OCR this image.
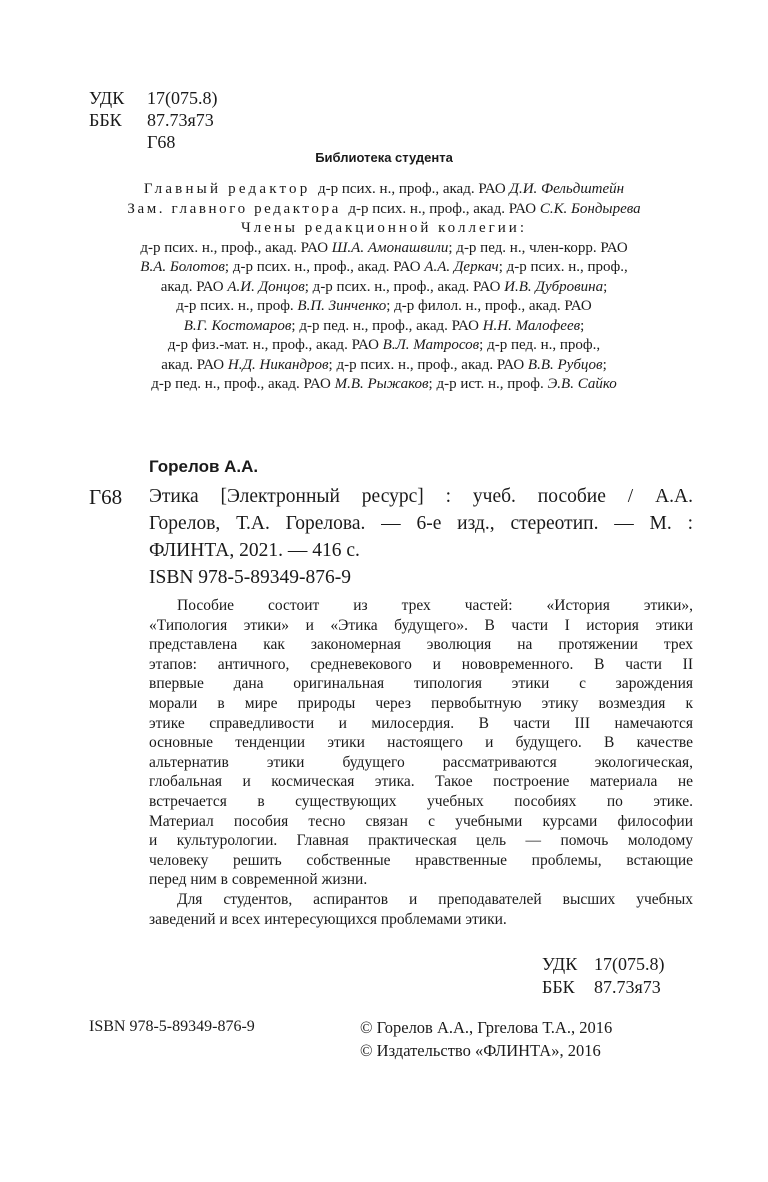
УДК 17(075.8)
ББК 87.73я73
Г68
Библиотека студента
Главный редактор д-р псих. н., проф., акад. РАО Д.И. Фельдштейн
Зам. главного редактора д-р псих. н., проф., акад. РАО С.К. Бондырева
Члены редакционной коллегии:
д-р псих. н., проф., акад. РАО Ш.А. Амонашвили; д-р пед. н., член-корр. РАО
В.А. Болотов; д-р псих. н., проф., акад. РАО А.А. Деркач; д-р псих. н., проф.,
акад. РАО А.И. Донцов; д-р псих. н., проф., акад. РАО И.В. Дубровина;
д-р псих. н., проф. В.П. Зинченко; д-р филол. н., проф., акад. РАО
В.Г. Костомаров; д-р пед. н., проф., акад. РАО Н.Н. Малофеев;
д-р физ.-мат. н., проф., акад. РАО В.Л. Матросов; д-р пед. н., проф.,
акад. РАО Н.Д. Никандров; д-р псих. н., проф., акад. РАО В.В. Рубцов;
д-р пед. н., проф., акад. РАО М.В. Рыжаков; д-р ист. н., проф. Э.В. Сайко
Горелов А.А.
Г68 Этика [Электронный ресурс] : учеб. пособие / А.А.
Горелов, Т.А. Горелова. — 6-е изд., стереотип. — М. :
ФЛИНТА, 2021. — 416 с.
ISBN 978-5-89349-876-9
Пособие состоит из трех частей: «История этики»,
«Типология этики» и «Этика будущего». В части I история этики
представлена как закономерная эволюция на протяжении трех
этапов: античного, средневекового и нововременного. В части II
впервые дана оригинальная типология этики с зарождения
морали в мире природы через первобытную этику возмездия к
этике справедливости и милосердия. В части III намечаются
основные тенденции этики настоящего и будущего. В качестве
альтернатив этики будущего рассматриваются экологическая,
глобальная и космическая этика. Такое построение материала не
встречается в существующих учебных пособиях по этике.
Материал пособия тесно связан с учебными курсами философии
и культурологии. Главная практическая цель — помочь молодому
человеку решить собственные нравственные проблемы, встающие
перед ним в современной жизни.
Для студентов, аспирантов и преподавателей высших учебных
заведений и всех интересующихся проблемами этики.
УДК 17(075.8)
ББК 87.73я73
ISBN 978-5-89349-876-9	© Горелов А.А., Грrелова Т.А., 2016
© Издательство «ФЛИНТА», 2016
